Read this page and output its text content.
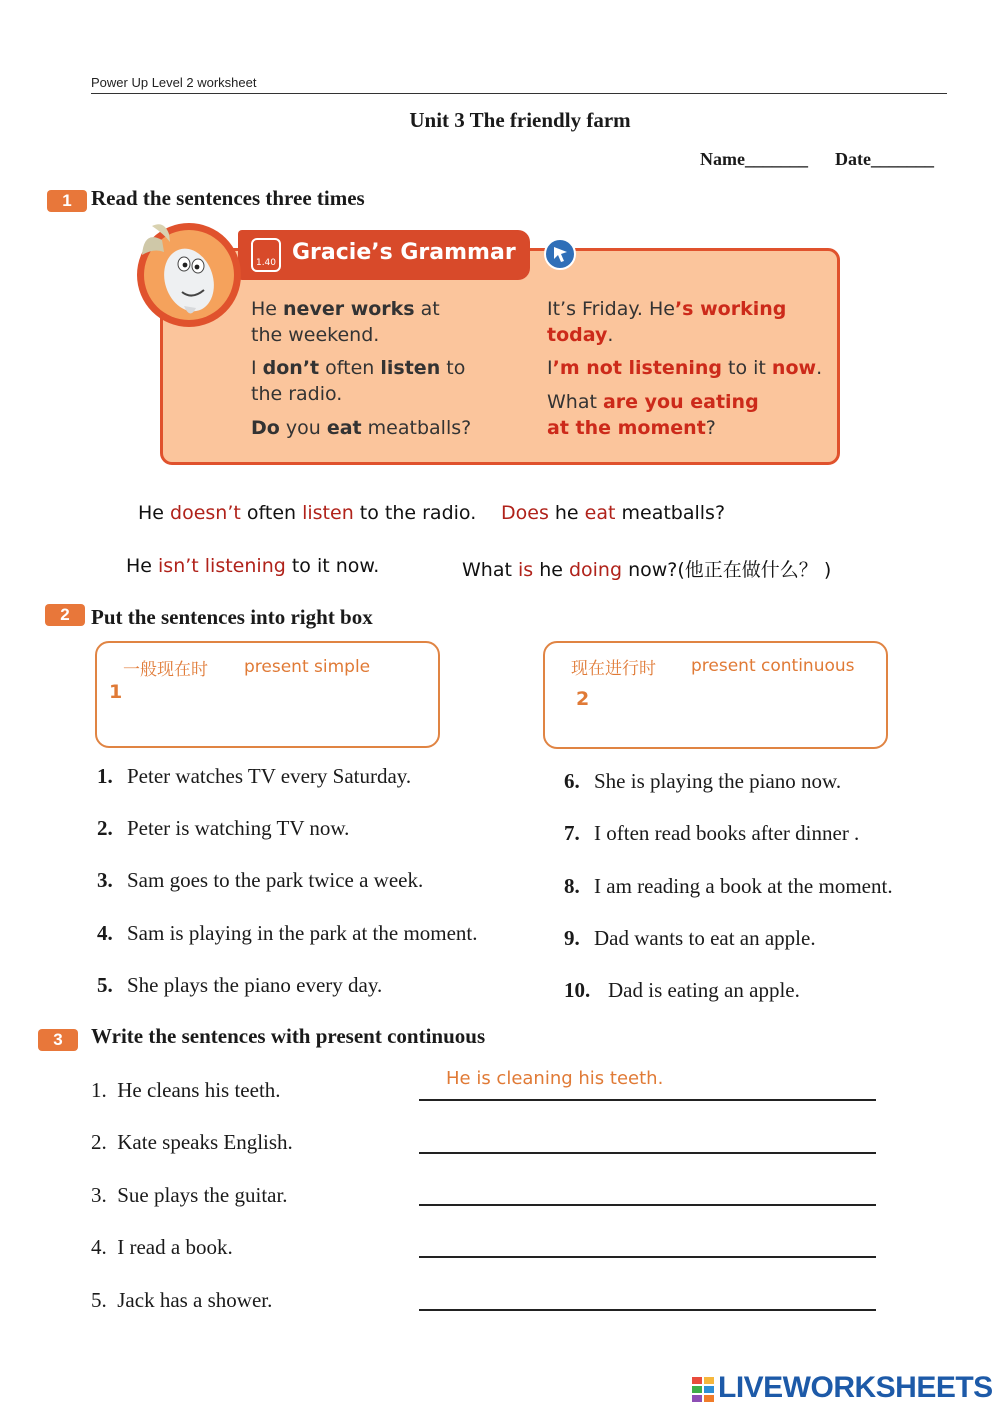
Power Up Level 2 worksheet
Unit 3 The friendly farm
Name_______      Date_______
1 Read the sentences three times
1.40 Gracie’s Grammar
He never works at
the weekend.
I don’t often listen to
the radio.
Do you eat meatballs?
It’s Friday. He’s working
today.
I’m not listening to it now.
What are you eating
at the moment?
He doesn’t often listen to the radio. Does he eat meatballs?
He isn’t listening to it now.	What is he doing now?(他正在做什么？ )
2	Put the sentences into right box
一般现在时 present simple
1
现在进行时 present continuous
2
1. Peter watches TV every Saturday.
2. Peter is watching TV now.
3. Sam goes to the park twice a week.
4. Sam is playing in the park at the moment.
5. She plays the piano every day.
6. She is playing the piano now.
7. I often read books after dinner .
8. I am reading a book at the moment.
9. Dad wants to eat an apple.
10. Dad is eating an apple.
3	Write the sentences with present continuous
1. He cleans his teeth.
2. Kate speaks English.
3. Sue plays the guitar.
4. I read a book.
5. Jack has a shower.
He is cleaning his teeth.
LIVEWORKSHEETS
